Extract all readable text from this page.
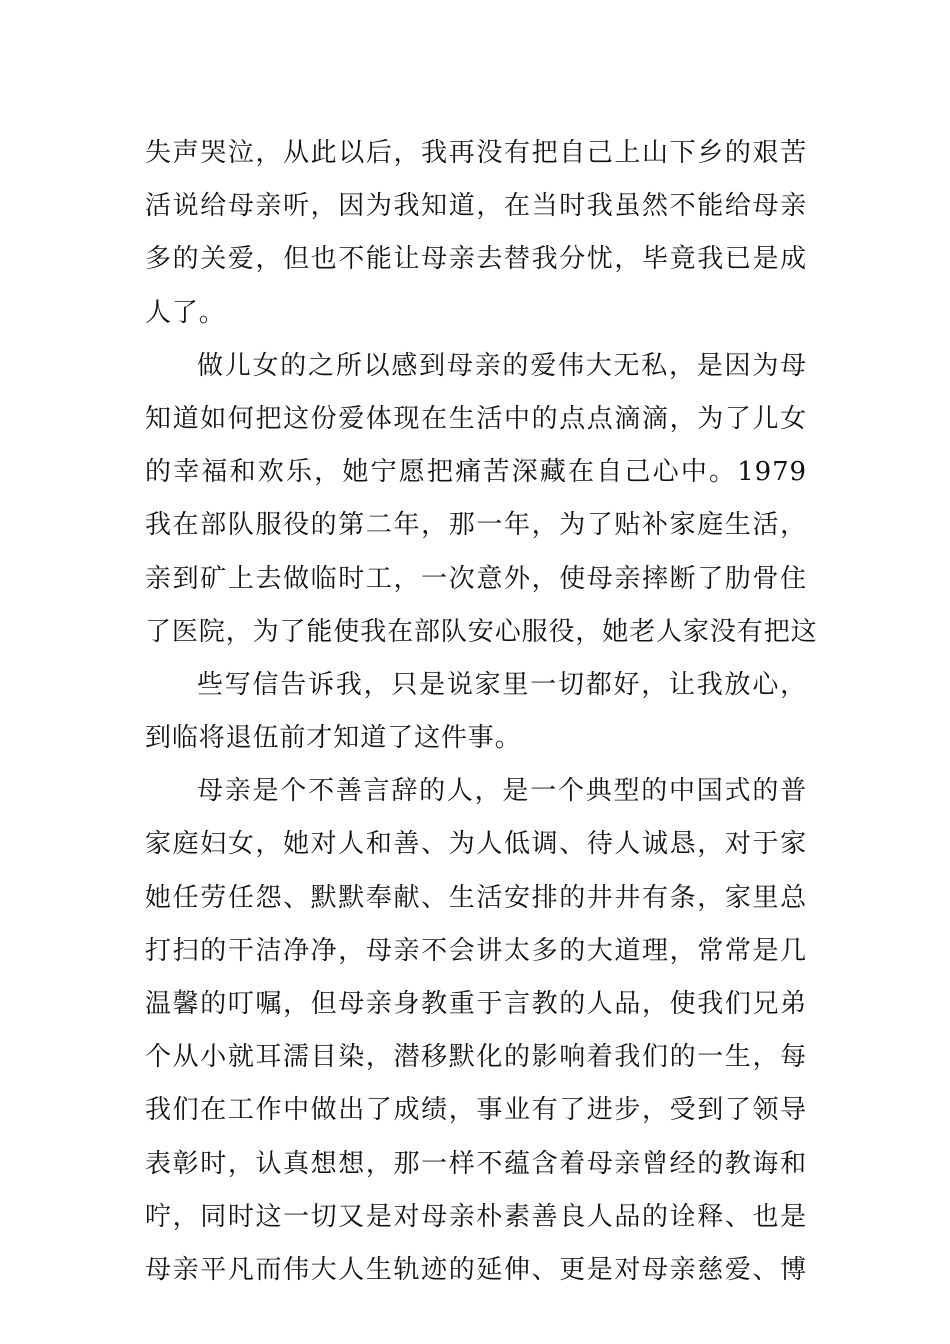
失声哭泣，从此以后，我再没有把自己上山下乡的艰苦
活说给母亲听，因为我知道，在当时我虽然不能给母亲
多的关爱，但也不能让母亲去替我分忧，毕竟我已是成
人了。
做儿女的之所以感到母亲的爱伟大无私，是因为母
知道如何把这份爱体现在生活中的点点滴滴，为了儿女
的幸福和欢乐，她宁愿把痛苦深藏在自己心中。1979
我在部队服役的第二年，那一年，为了贴补家庭生活，
亲到矿上去做临时工，一次意外，使母亲摔断了肋骨住
了医院，为了能使我在部队安心服役，她老人家没有把这
些写信告诉我，只是说家里一切都好，让我放心，
到临将退伍前才知道了这件事。
母亲是个不善言辞的人，是一个典型的中国式的普
家庭妇女，她对人和善、为人低调、待人诚恳，对于家
她任劳任怨、默默奉献、生活安排的井井有条，家里总
打扫的干洁净净，母亲不会讲太多的大道理，常常是几
温馨的叮嘱，但母亲身教重于言教的人品，使我们兄弟
个从小就耳濡目染，潜移默化的影响着我们的一生，每
我们在工作中做出了成绩，事业有了进步，受到了领导
表彰时，认真想想，那一样不蕴含着母亲曾经的教诲和
咛，同时这一切又是对母亲朴素善良人品的诠释、也是
母亲平凡而伟大人生轨迹的延伸、更是对母亲慈爱、博
